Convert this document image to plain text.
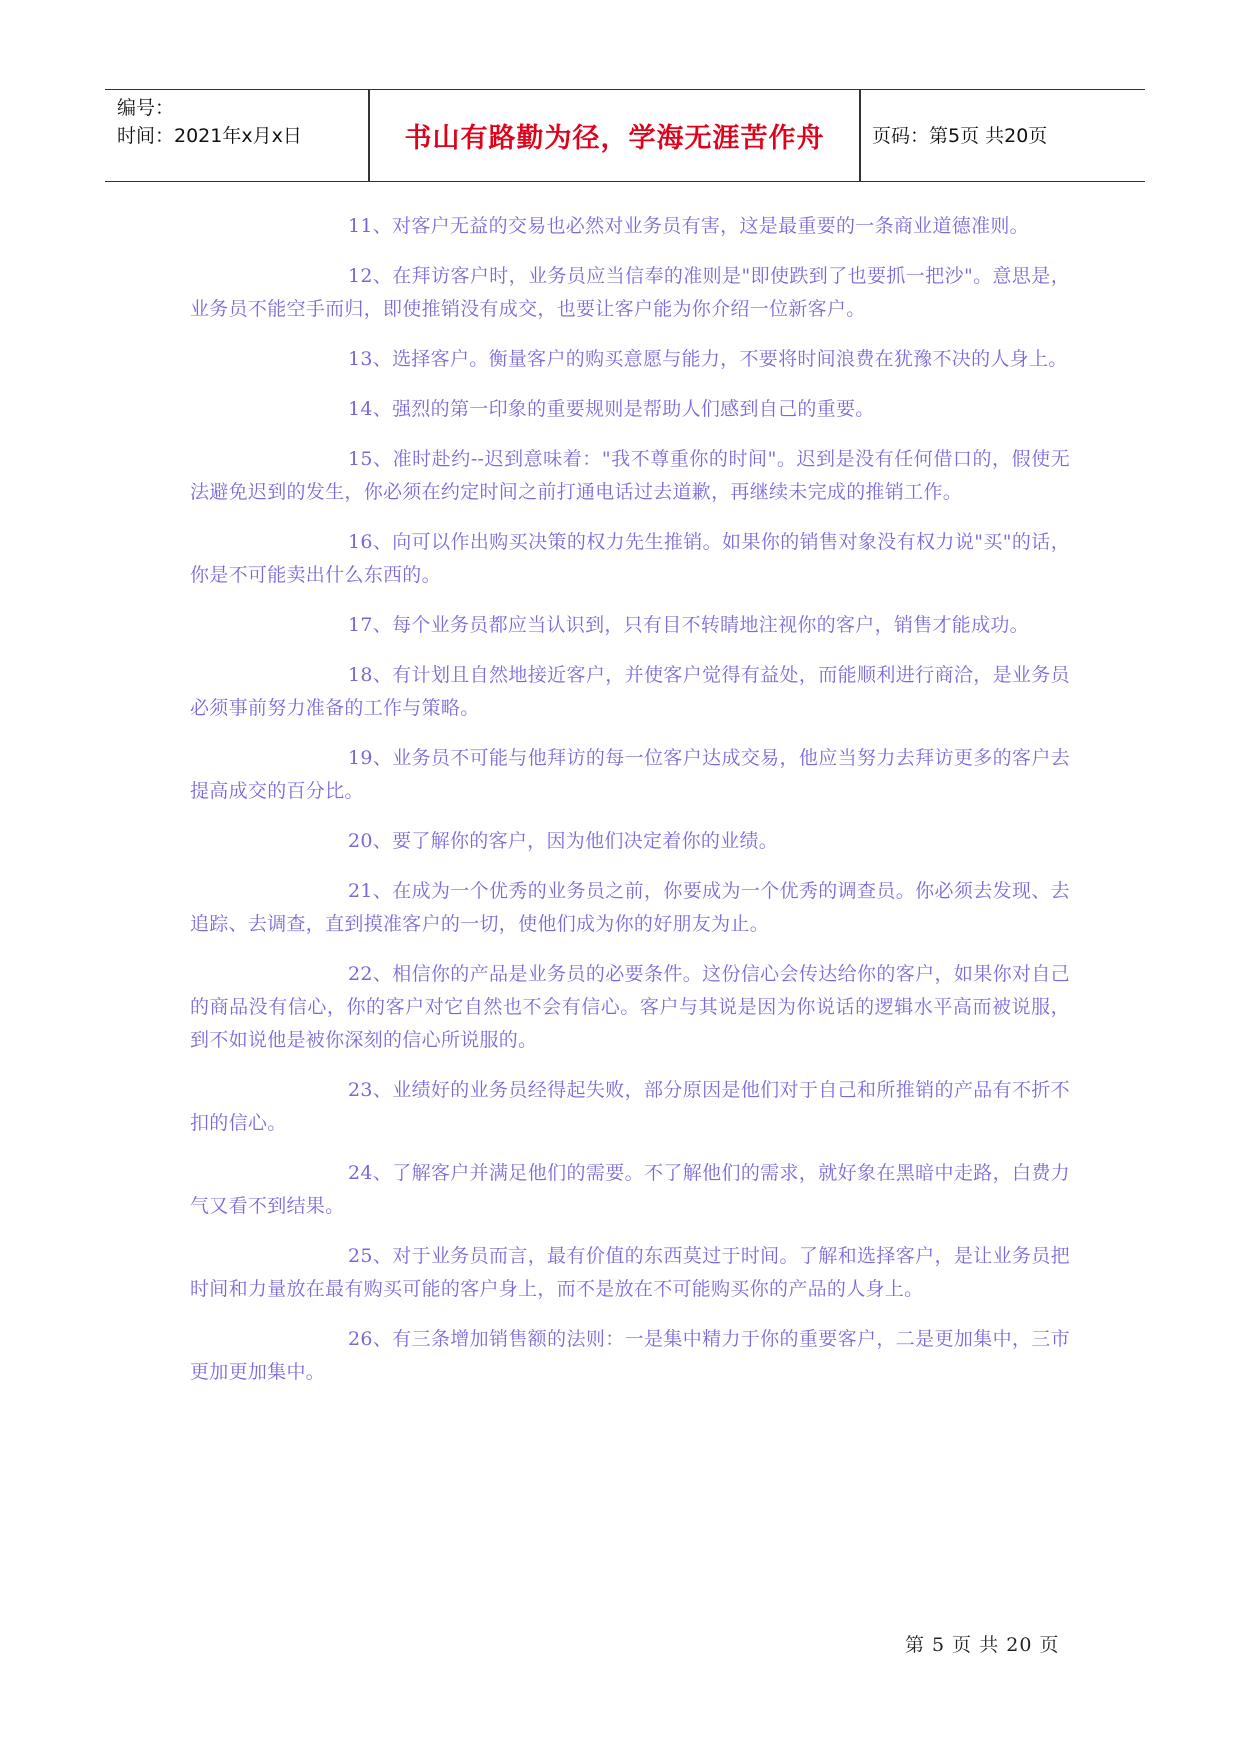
编号：
时间：2021年x月x日	书山有路勤为径，学海无涯苦作舟	页码：第5页 共20页

11、对客户无益的交易也必然对业务员有害，这是最重要的一条商业道德准则。

12、在拜访客户时，业务员应当信奉的准则是"即使跌到了也要抓一把沙"。意思是，业务员不能空手而归，即使推销没有成交，也要让客户能为你介绍一位新客户。

13、选择客户。衡量客户的购买意愿与能力，不要将时间浪费在犹豫不决的人身上。

14、强烈的第一印象的重要规则是帮助人们感到自己的重要。

15、准时赴约--迟到意味着："我不尊重你的时间"。迟到是没有任何借口的，假使无法避免迟到的发生，你必须在约定时间之前打通电话过去道歉，再继续未完成的推销工作。

16、向可以作出购买决策的权力先生推销。如果你的销售对象没有权力说"买"的话，你是不可能卖出什么东西的。

17、每个业务员都应当认识到，只有目不转睛地注视你的客户，销售才能成功。

18、有计划且自然地接近客户，并使客户觉得有益处，而能顺利进行商洽，是业务员必须事前努力准备的工作与策略。

19、业务员不可能与他拜访的每一位客户达成交易，他应当努力去拜访更多的客户去提高成交的百分比。

20、要了解你的客户，因为他们决定着你的业绩。

21、在成为一个优秀的业务员之前，你要成为一个优秀的调查员。你必须去发现、去追踪、去调查，直到摸准客户的一切，使他们成为你的好朋友为止。

22、相信你的产品是业务员的必要条件。这份信心会传达给你的客户，如果你对自己的商品没有信心，你的客户对它自然也不会有信心。客户与其说是因为你说话的逻辑水平高而被说服，到不如说他是被你深刻的信心所说服的。

23、业绩好的业务员经得起失败，部分原因是他们对于自己和所推销的产品有不折不扣的信心。

24、了解客户并满足他们的需要。不了解他们的需求，就好象在黑暗中走路，白费力气又看不到结果。

25、对于业务员而言，最有价值的东西莫过于时间。了解和选择客户，是让业务员把时间和力量放在最有购买可能的客户身上，而不是放在不可能购买你的产品的人身上。

26、有三条增加销售额的法则：一是集中精力于你的重要客户，二是更加集中，三市更加更加集中。

第 5 页 共 20 页
